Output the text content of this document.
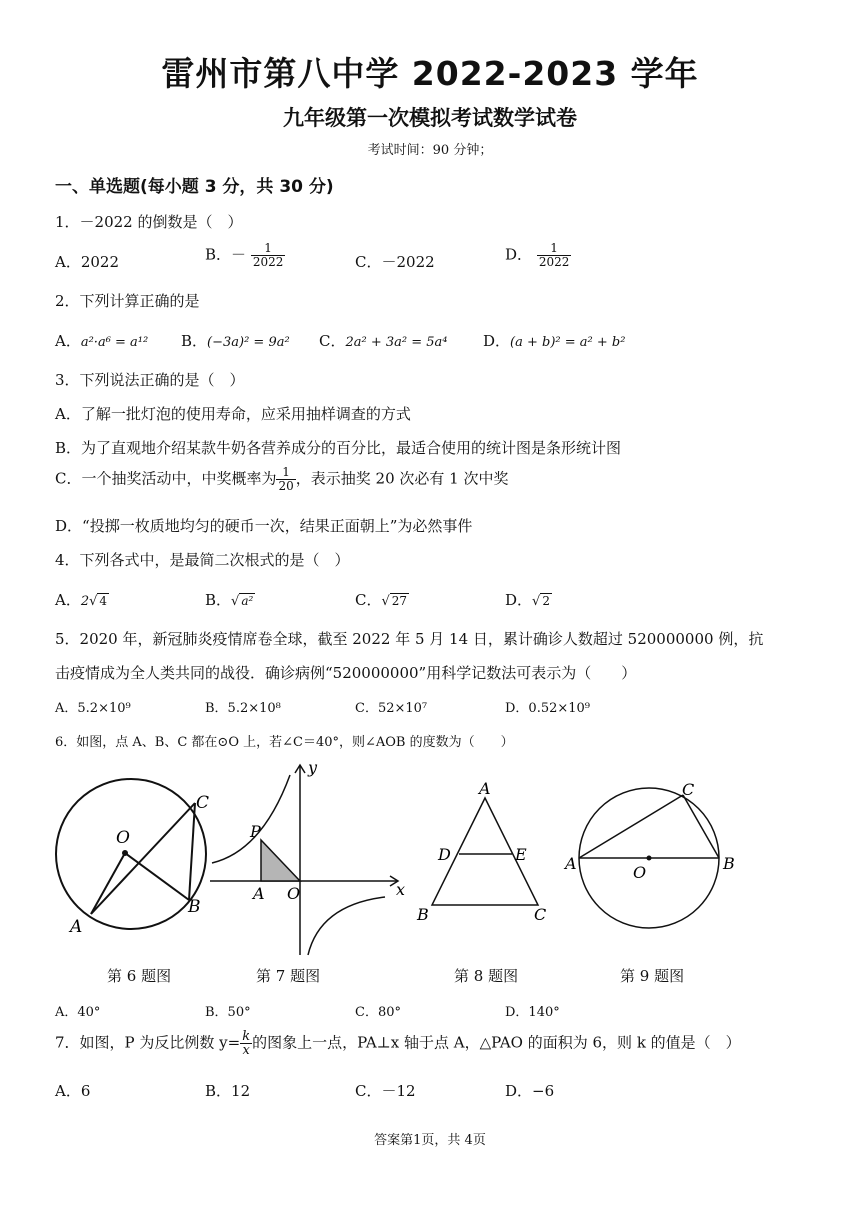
雷州市第八中学 2022-2023 学年
九年级第一次模拟考试数学试卷
考试时间：90 分钟；
一、单选题(每小题 3 分，共 30 分)
1．－2022 的倒数是（　）
A．2022	B．－ $\frac{1}{2022}$	C．－2022	D． $\frac{1}{2022}$
2．下列计算正确的是
A．a²·a⁶ = a¹² B．(−3a)² = 9a² C．2a² + 3a² = 5a⁴ D．(a + b)² = a² + b²
3．下列说法正确的是（　）
A．了解一批灯泡的使用寿命，应采用抽样调查的方式
B．为了直观地介绍某款牛奶各营养成分的百分比，最适合使用的统计图是条形统计图
C．一个抽奖活动中，中奖概率为 $\frac{1}{20}$ ，表示抽奖 20 次必有 1 次中奖
D．“投掷一枚质地均匀的硬币一次，结果正面朝上”为必然事件
4．下列各式中，是最简二次根式的是（　）
A．2√ 4	B．√ a²	C．√ 27	D．√ 2
5．2020 年，新冠肺炎疫情席卷全球，截至 2022 年 5 月 14 日，累计确诊人数超过 520000000 例，抗
击疫情成为全人类共同的战役．确诊病例“520000000”用科学记数法可表示为（　　）
A．5.2×10⁹	B．5.2×10⁸	C．52×10⁷	D．0.52×10⁹
6．如图，点 A、B、C 都在⊙O 上，若∠C＝40°，则∠AOB 的度数为（　　）
O
A
B
C
y
x
P
A O
A
D	E
B	C
A	B
C
O
第 6 题图	第 7 题图	第 8 题图	第 9 题图
A．40°	B．50°	C．80°	D．140°
7．如图，P 为反比例数 $y= \frac{k}{x}$ 的图象上一点，PA⊥x 轴于点 A，△PAO 的面积为 6，则 k 的值是（　）
A．6	B．12	C．－12	D．−6
答案第1页，共 4页
